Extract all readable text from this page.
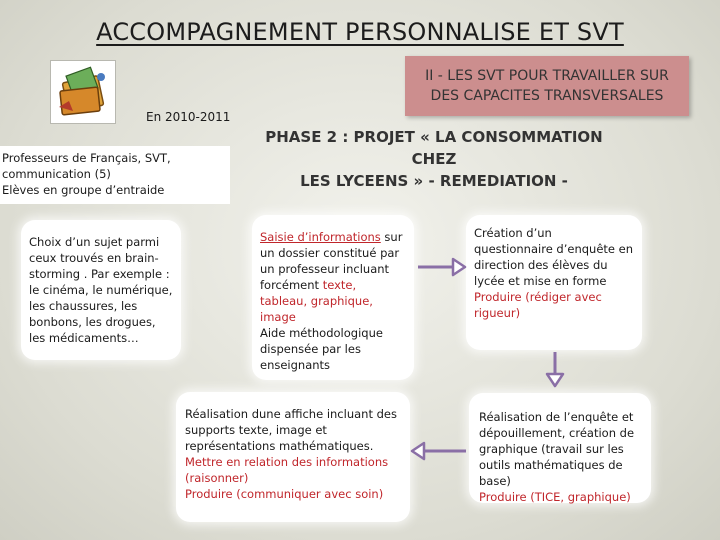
ACCOMPAGNEMENT PERSONNALISE ET SVT
En 2010-2011
II - LES SVT POUR TRAVAILLER SUR DES CAPACITES TRANSVERSALES
PHASE 2 : PROJET « LA CONSOMMATION CHEZ
LES LYCEENS » - REMEDIATION -
Professeurs de Français, SVT,
communication (5)
Elèves en groupe d’entraide
Choix d’un sujet parmi ceux trouvés en brain-storming . Par exemple : le cinéma, le numérique, les chaussures, les bonbons, les drogues, les médicaments…
Saisie d’informations sur un dossier constitué par un professeur incluant forcément texte, tableau, graphique, image
Aide méthodologique dispensée par les enseignants
Création d’un questionnaire d’enquête en direction des élèves du lycée et mise en forme
Produire (rédiger avec rigueur)
Réalisation dune affiche incluant des supports texte, image et représentations mathématiques.
Mettre en relation des informations (raisonner)
Produire (communiquer avec soin)
Réalisation de l’enquête et dépouillement, création de graphique (travail sur les outils mathématiques de base)
Produire (TICE, graphique)
